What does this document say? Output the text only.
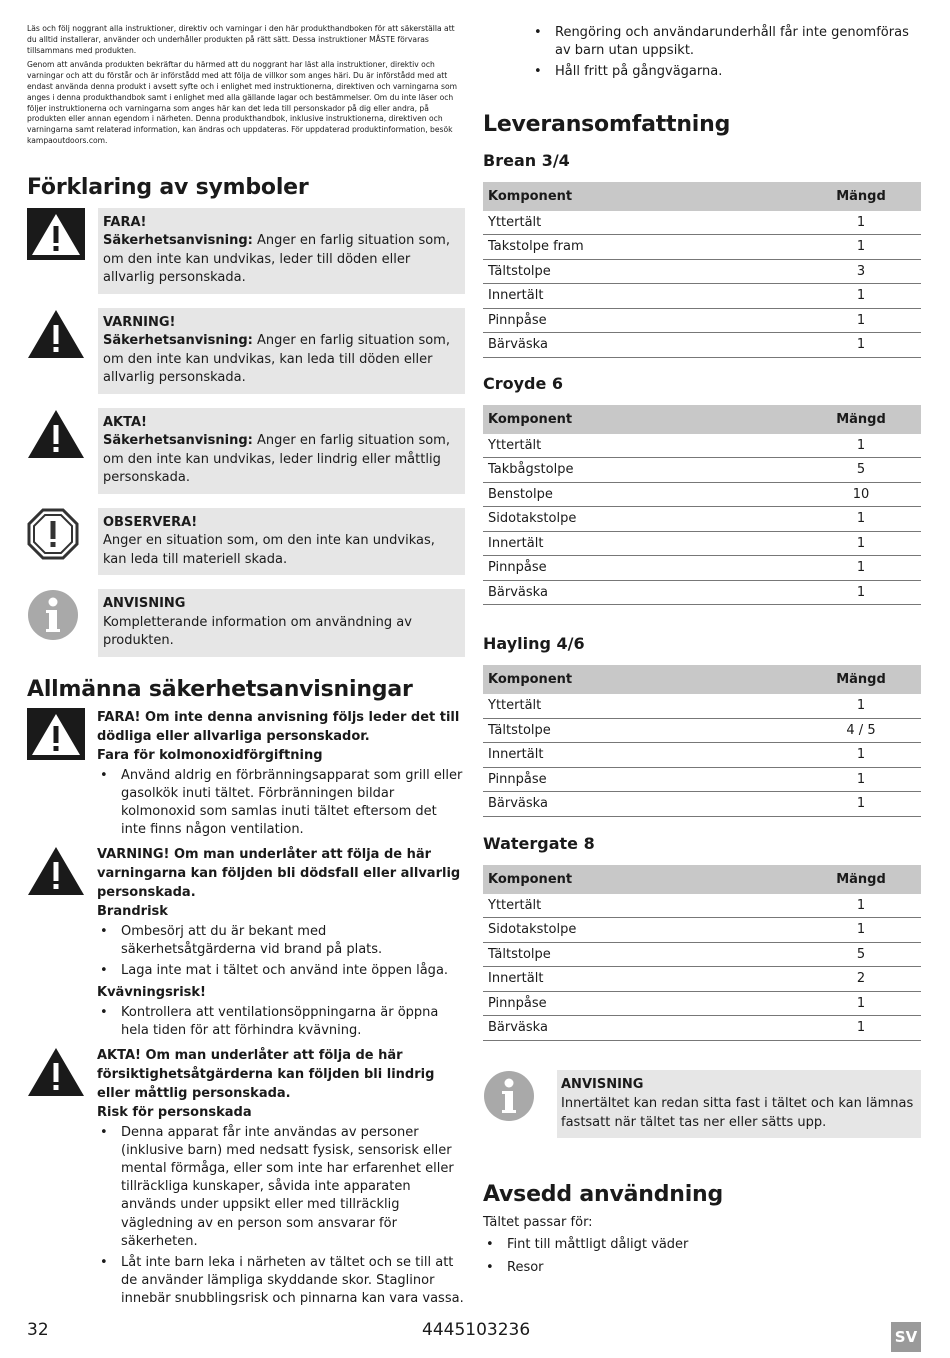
Läs och följ noggrant alla instruktioner, direktiv och varningar i den här produkthandboken för att säkerställa att du alltid installerar, använder och underhåller produkten på rätt sätt. Dessa instruktioner MÅSTE förvaras tillsammans med produkten.

Genom att använda produkten bekräftar du härmed att du noggrant har läst alla instruktioner, direktiv och varningar och att du förstår och är införstådd med att följa de villkor som anges häri. Du är införstådd med att endast använda denna produkt i avsett syfte och i enlighet med instruktionerna, direktiven och varningarna som anges i denna produkthandbok samt i enlighet med alla gällande lagar och bestämmelser. Om du inte läser och följer instruktionerna och varningarna som anges här kan det leda till personskador på dig eller andra, på produkten eller annan egendom i närheten. Denna produkthandbok, inklusive instruktionerna, direktiven och varningarna samt relaterad information, kan ändras och uppdateras. För uppdaterad produktinformation, besök kampaoutdoors.com.

Förklaring av symboler
FARA!
Säkerhetsanvisning: Anger en farlig situation som, om den inte kan undvikas, leder till döden eller allvarlig personskada.
VARNING!
Säkerhetsanvisning: Anger en farlig situation som, om den inte kan undvikas, kan leda till döden eller allvarlig personskada.
AKTA!
Säkerhetsanvisning: Anger en farlig situation som, om den inte kan undvikas, leder lindrig eller måttlig personskada.
OBSERVERA!
Anger en situation som, om den inte kan undvikas, kan leda till materiell skada.
ANVISNING
Kompletterande information om användning av produkten.
Allmänna säkerhetsanvisningar
FARA! Om inte denna anvisning följs leder det till dödliga eller allvarliga personskador.
Fara för kolmonoxidförgiftning
• Använd aldrig en förbränningsapparat som grill eller gasolkök inuti tältet. Förbränningen bildar kolmonoxid som samlas inuti tältet eftersom det inte finns någon ventilation.
VARNING! Om man underlåter att följa de här varningarna kan följden bli dödsfall eller allvarlig personskada.
Brandrisk
• Ombesörj att du är bekant med säkerhetsåtgärderna vid brand på plats.
• Laga inte mat i tältet och använd inte öppen låga.
Kvävningsrisk!
• Kontrollera att ventilationsöppningarna är öppna hela tiden för att förhindra kvävning.
AKTA! Om man underlåter att följa de här försiktighetsåtgärderna kan följden bli lindrig eller måttlig personskada.
Risk för personskada
• Denna apparat får inte användas av personer (inklusive barn) med nedsatt fysisk, sensorisk eller mental förmåga, eller som inte har erfarenhet eller tillräckliga kunskaper, såvida inte apparaten används under uppsikt eller med tillräcklig vägledning av en person som ansvarar för säkerheten.
• Låt inte barn leka i närheten av tältet och se till att de använder lämpliga skyddande skor. Staglinor innebär snubblingsrisk och pinnarna kan vara vassa.
• Rengöring och användarunderhåll får inte genomföras av barn utan uppsikt.
• Håll fritt på gångvägarna.
Leveransomfattning
Brean 3/4
Komponent	Mängd
Yttertält	1
Takstolpe fram	1
Tältstolpe	3
Innertält	1
Pinnpåse	1
Bärväska	1
Croyde 6
Komponent	Mängd
Yttertält	1
Takbågstolpe	5
Benstolpe	10
Sidotakstolpe	1
Innertält	1
Pinnpåse	1
Bärväska	1
Hayling 4/6
Komponent	Mängd
Yttertält	1
Tältstolpe	4 / 5
Innertält	1
Pinnpåse	1
Bärväska	1
Watergate 8
Komponent	Mängd
Yttertält	1
Sidotakstolpe	1
Tältstolpe	5
Innertält	2
Pinnpåse	1
Bärväska	1
ANVISNING
Innertältet kan redan sitta fast i tältet och kan lämnas fastsatt när tältet tas ner eller sätts upp.
Avsedd användning
Tältet passar för:
• Fint till måttligt dåligt väder
• Resor
32	4445103236	SV
